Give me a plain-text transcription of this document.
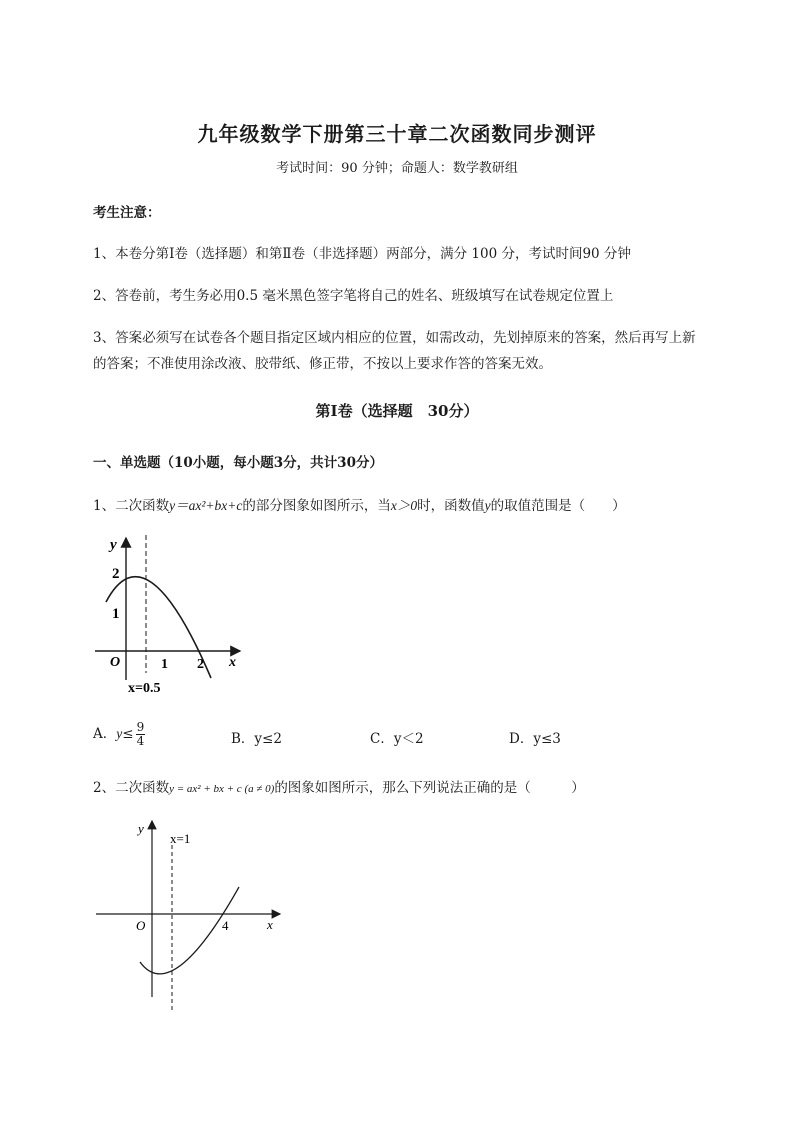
九年级数学下册第三十章二次函数同步测评
考试时间：90 分钟；命题人：数学教研组
考生注意：
1、本卷分第Ⅰ卷（选择题）和第Ⅱ卷（非选择题）两部分，满分 100 分，考试时间90 分钟
2、答卷前，考生务必用0.5 毫米黑色签字笔将自己的姓名、班级填写在试卷规定位置上
3、答案必须写在试卷各个题目指定区域内相应的位置，如需改动，先划掉原来的答案，然后再写上新
的答案；不准使用涂改液、胶带纸、修正带，不按以上要求作答的答案无效。
第Ⅰ卷（选择题　30分）
一、单选题（10小题，每小题3分，共计30分）
1、二次函数y＝ax²+bx+c的部分图象如图所示，当x＞0时，函数值y的取值范围是（　　）
y
x
O
2
1
1 2
x=0.5
A．$y\le \frac{9}{4}$	B．y≤2	C．y＜2	D．y≤3
2、二次函数y = ax² + bx + c (a ≠ 0)的图象如图所示，那么下列说法正确的是（　　　）
y
x
O
x=1
4
